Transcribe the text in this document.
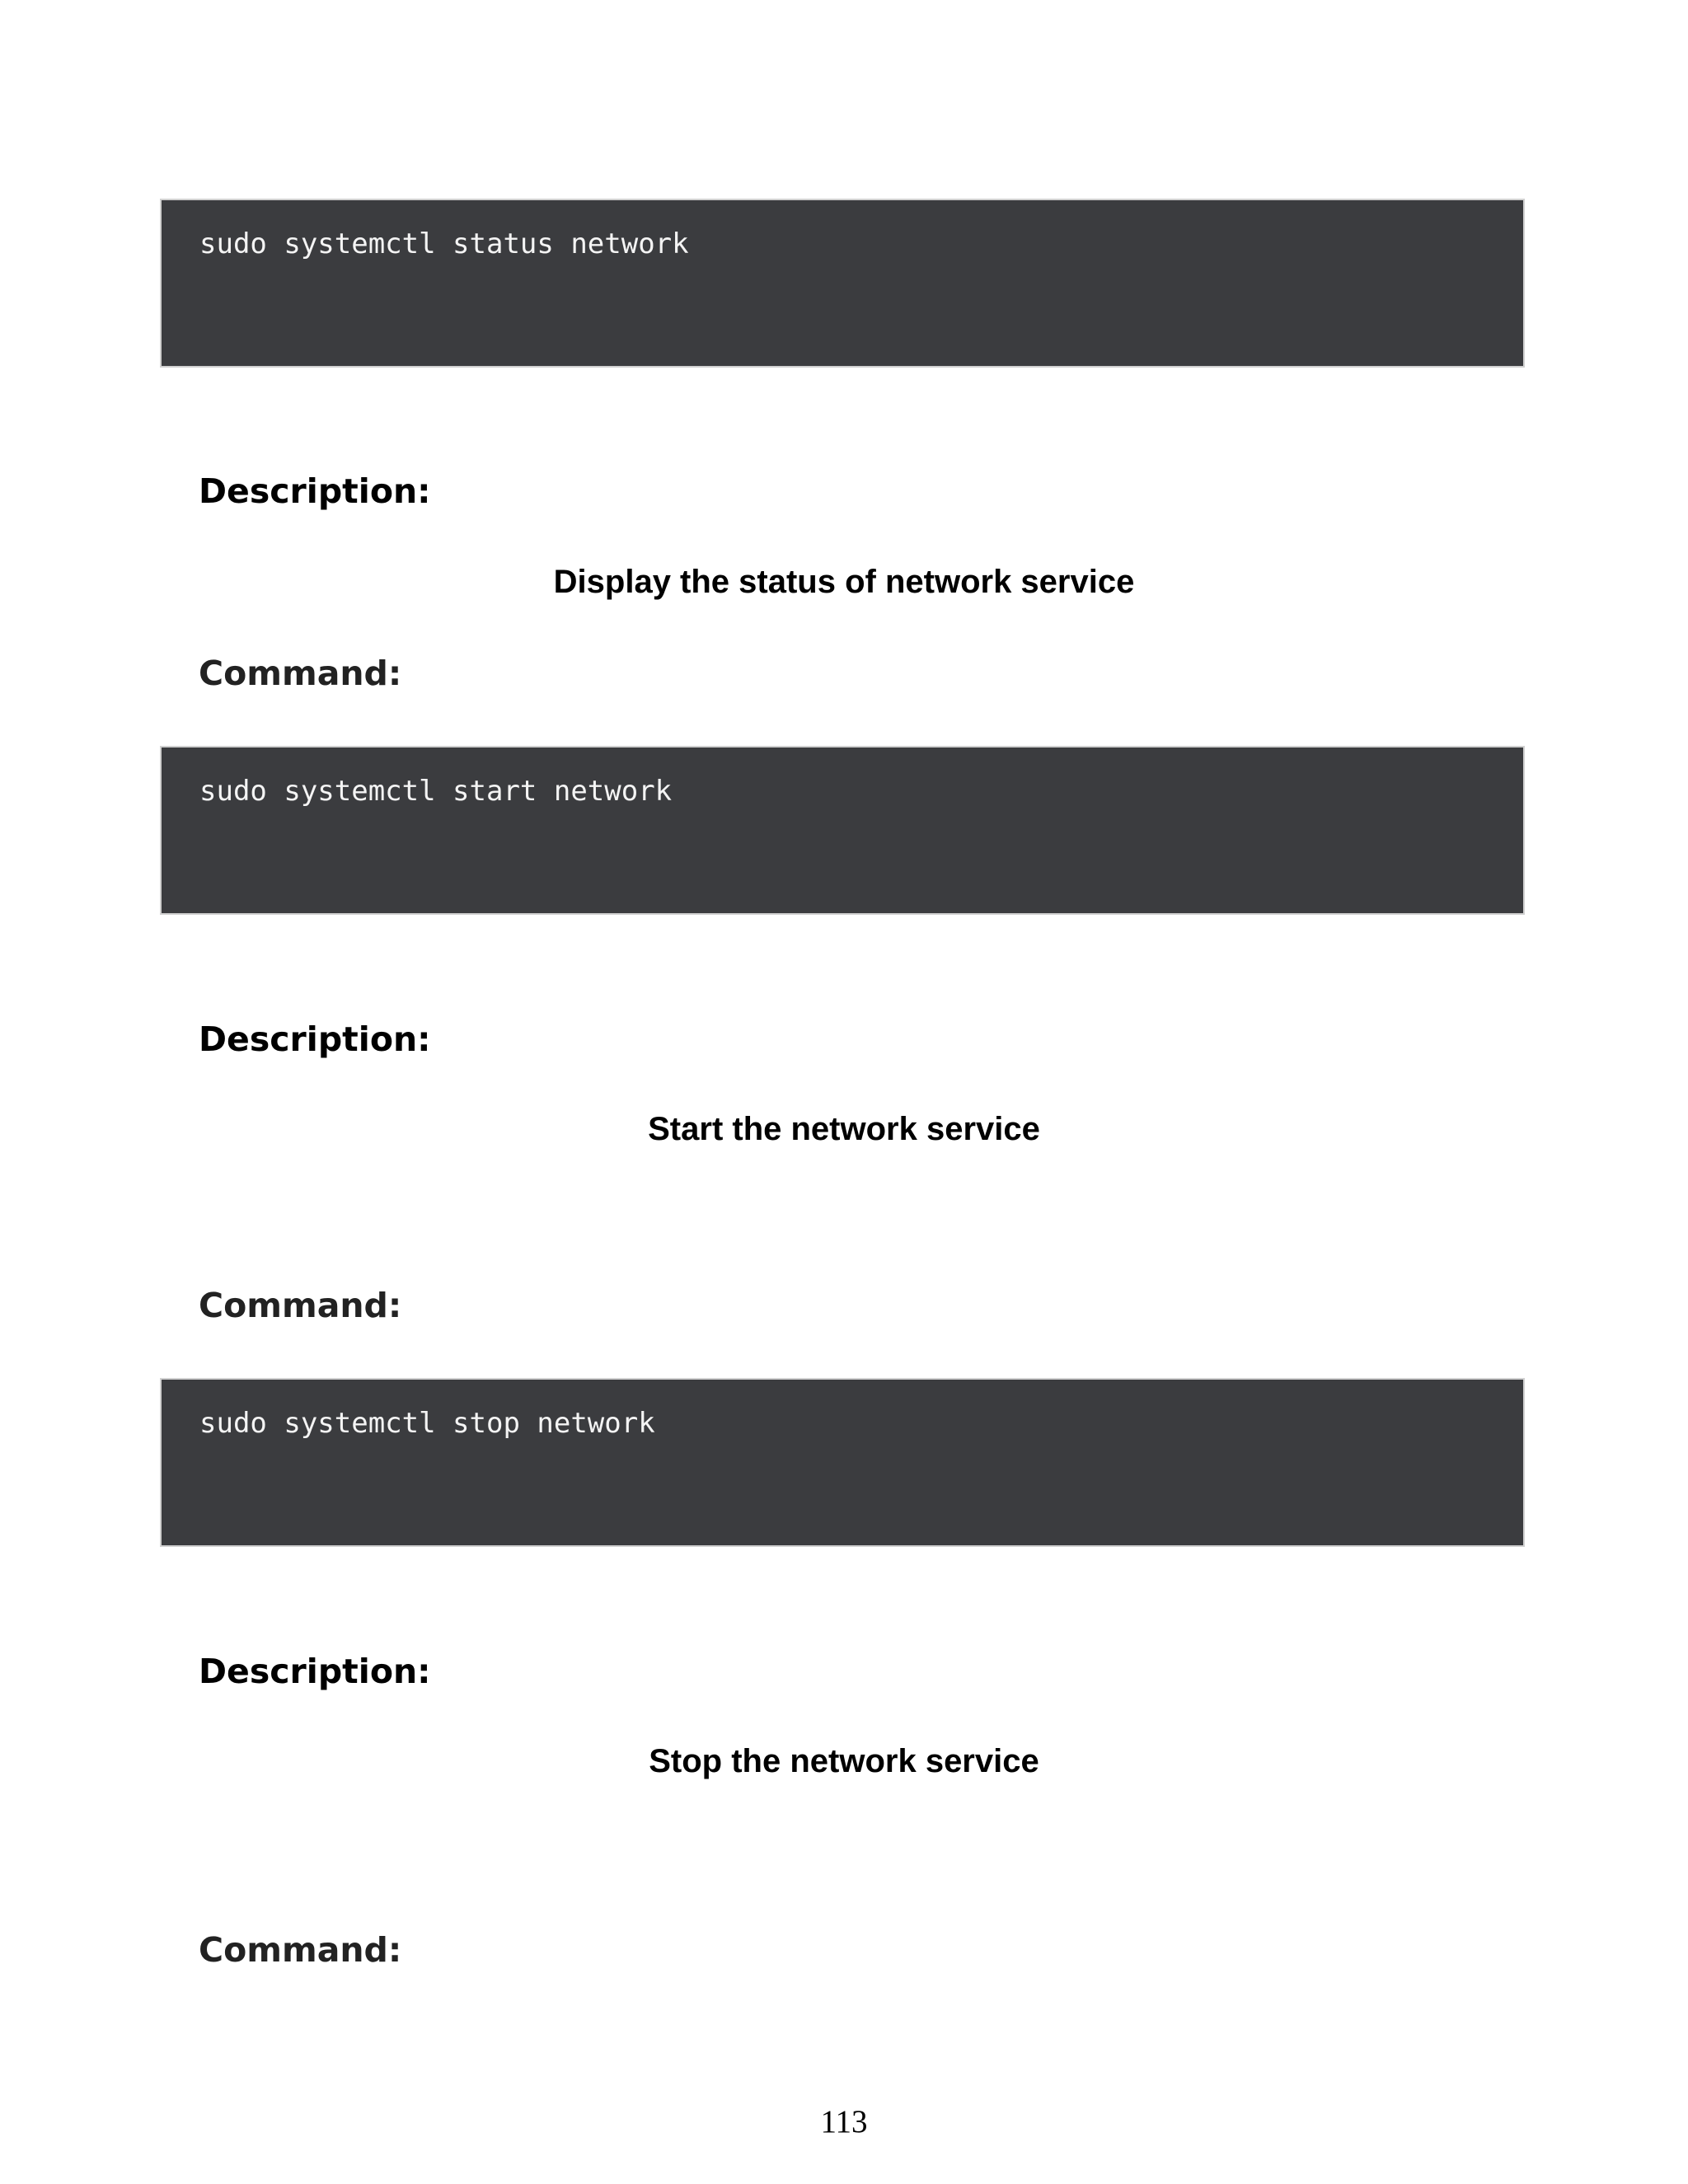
sudo systemctl status network
Description:
Display the status of network service
Command:
sudo systemctl start network
Description:
Start the network service
Command:
sudo systemctl stop network
Description:
Stop the network service
Command:
113
